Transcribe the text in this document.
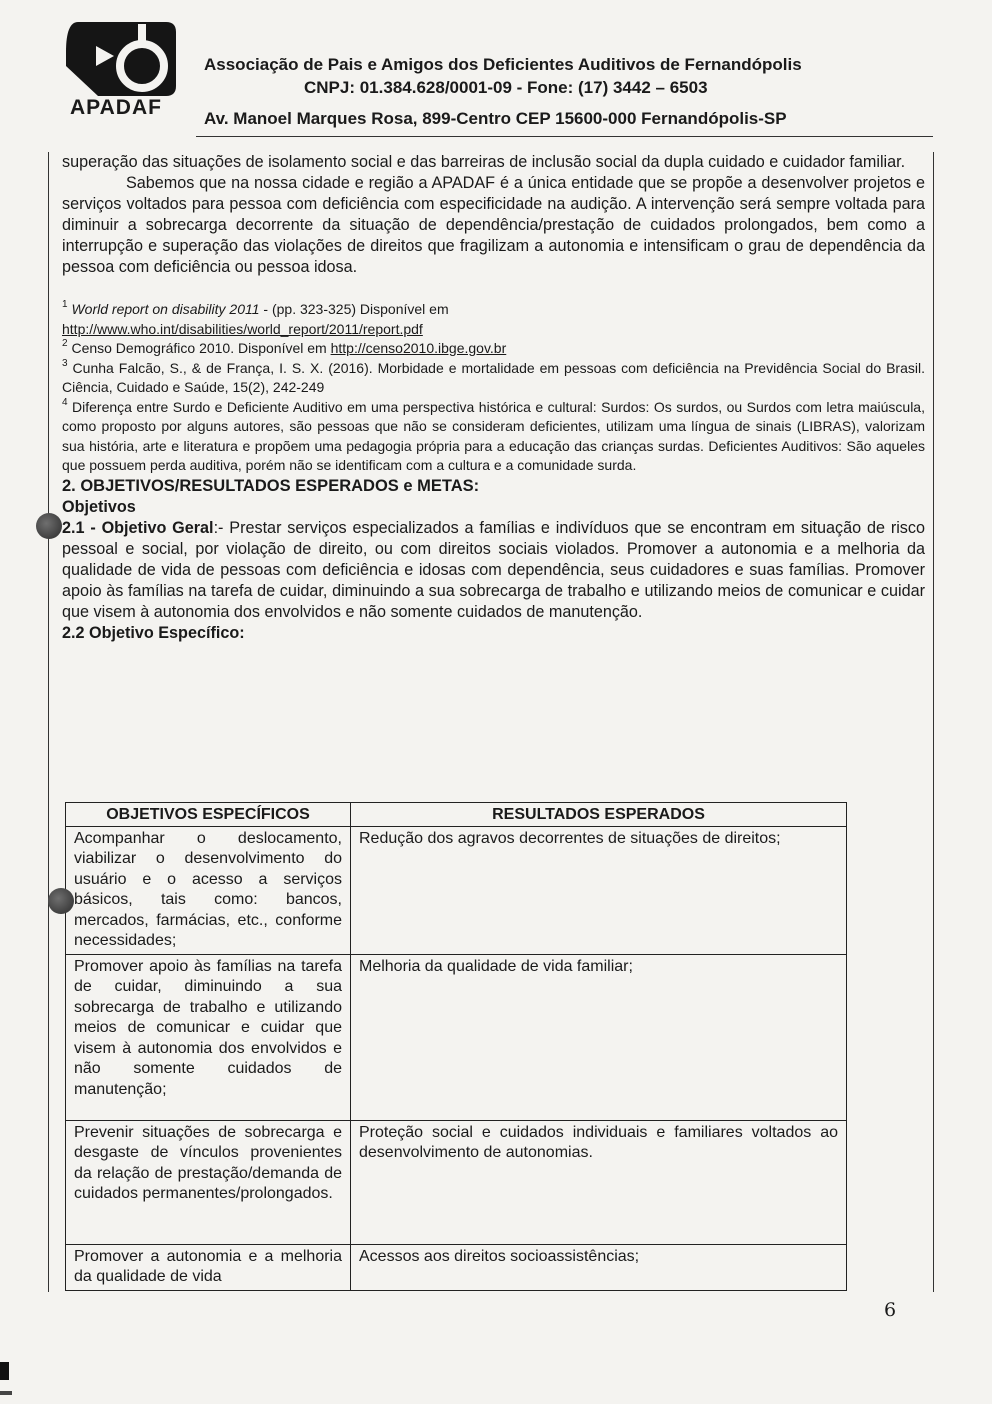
APADAF
Associação de Pais e Amigos dos Deficientes Auditivos de Fernandópolis
CNPJ: 01.384.628/0001-09 - Fone: (17) 3442 – 6503
Av. Manoel Marques Rosa, 899-Centro CEP 15600-000 Fernandópolis-SP

superação das situações de isolamento social e das barreiras de inclusão social da dupla cuidado e cuidador familiar.

Sabemos que na nossa cidade e região a APADAF é a única entidade que se propõe a desenvolver projetos e serviços voltados para pessoa com deficiência com especificidade na audição. A intervenção será sempre voltada para diminuir a sobrecarga decorrente da situação de dependência/prestação de cuidados prolongados, bem como a interrupção e superação das violações de direitos que fragilizam a autonomia e intensificam o grau de dependência da pessoa com deficiência ou pessoa idosa.

$^1$ World report on disability 2011 - (pp. 323-325) Disponível em
http://www.who.int/disabilities/world_report/2011/report.pdf

$^2$ Censo Demográfico 2010. Disponível em http://censo2010.ibge.gov.br

$^3$ Cunha Falcão, S., & de França, I. S. X. (2016). Morbidade e mortalidade em pessoas com deficiência na Previdência Social do Brasil. Ciência, Cuidado e Saúde, 15(2), 242-249

$^4$ Diferença entre Surdo e Deficiente Auditivo em uma perspectiva histórica e cultural: Surdos: Os surdos, ou Surdos com letra maiúscula, como proposto por alguns autores, são pessoas que não se consideram deficientes, utilizam uma língua de sinais (LIBRAS), valorizam sua história, arte e literatura e propõem uma pedagogia própria para a educação das crianças surdas. Deficientes Auditivos: São aqueles que possuem perda auditiva, porém não se identificam com a cultura e a comunidade surda.

2. OBJETIVOS/RESULTADOS ESPERADOS e METAS:

Objetivos

2.1 - Objetivo Geral:- Prestar serviços especializados a famílias e indivíduos que se encontram em situação de risco pessoal e social, por violação de direito, ou com direitos sociais violados. Promover a autonomia e a melhoria da qualidade de vida de pessoas com deficiência e idosas com dependência, seus cuidadores e suas famílias. Promover apoio às famílias na tarefa de cuidar, diminuindo a sua sobrecarga de trabalho e utilizando meios de comunicar e cuidar que visem à autonomia dos envolvidos e não somente cuidados de manutenção.

2.2 Objetivo Específico:

OBJETIVOS ESPECÍFICOS	RESULTADOS ESPERADOS
Acompanhar o deslocamento, viabilizar o desenvolvimento do usuário e o acesso a serviços básicos, tais como: bancos, mercados, farmácias, etc., conforme necessidades;	Redução dos agravos decorrentes de situações de direitos;
Promover apoio às famílias na tarefa de cuidar, diminuindo a sua sobrecarga de trabalho e utilizando meios de comunicar e cuidar que visem à autonomia dos envolvidos e não somente cuidados de manutenção;	Melhoria da qualidade de vida familiar;
Prevenir situações de sobrecarga e desgaste de vínculos provenientes da relação de prestação/demanda de cuidados permanentes/prolongados.	Proteção social e cuidados individuais e familiares voltados ao desenvolvimento de autonomias.
Promover a autonomia e a melhoria da qualidade de vida	Acessos aos direitos socioassistências;
6
